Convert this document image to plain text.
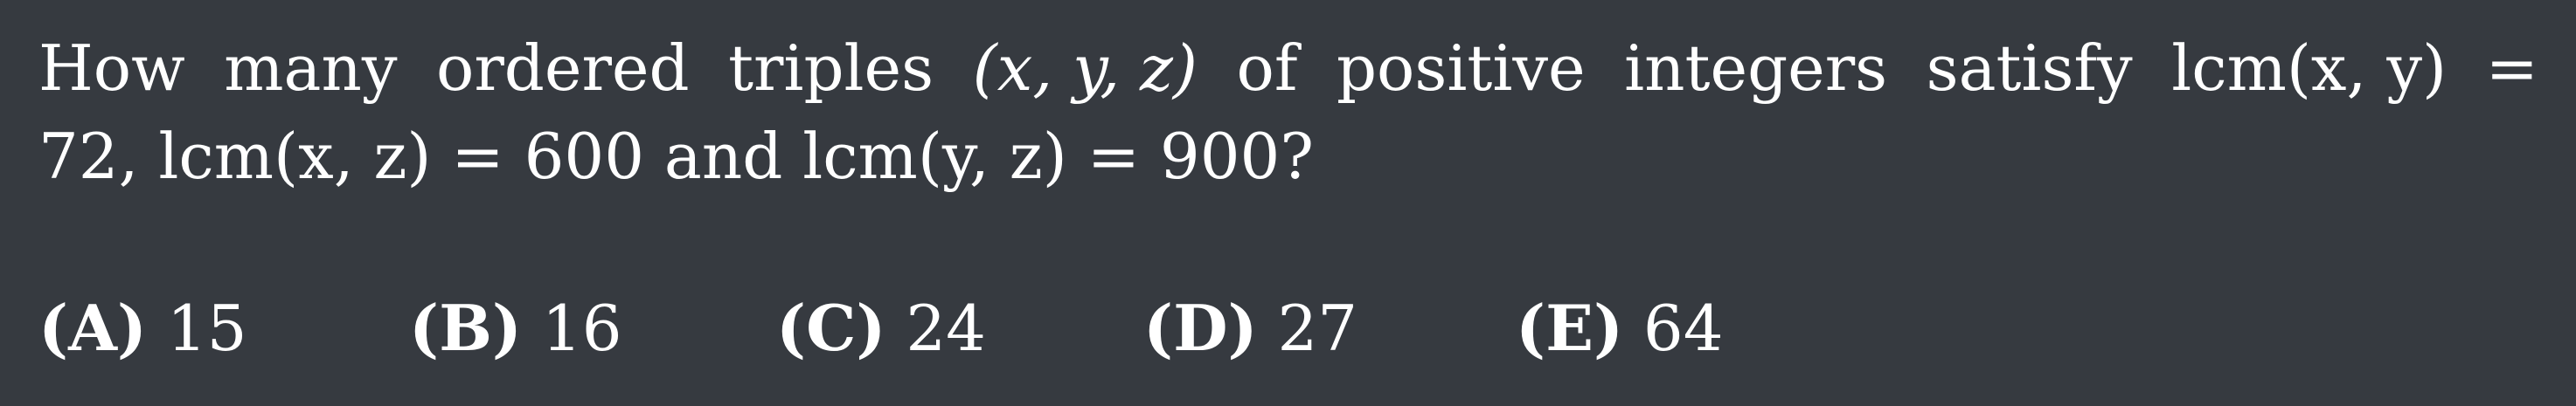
How many ordered triples (x, y, z) of positive integers satisfy lcm(x, y) =
72, lcm(x, z) = 600 and lcm(y, z) = 900?
(A) 15	(B) 16 (C) 24	(D) 27	(E) 64
